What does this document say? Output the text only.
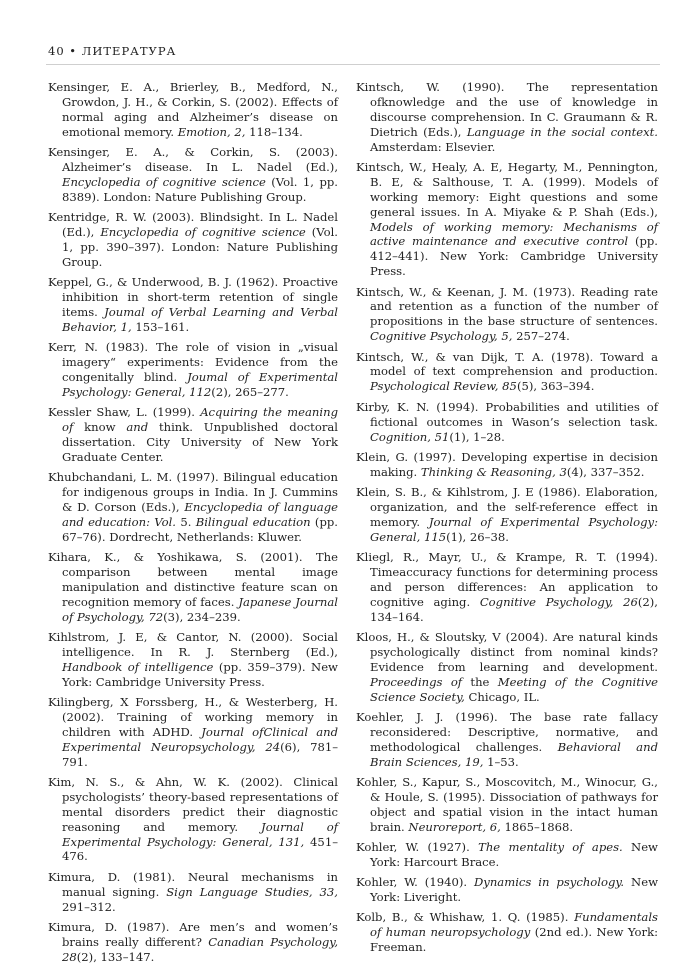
40 • ЛИТЕРАТУРА

Kensinger, E. A., Brierley, B., Medford, N., Growdon, J. H., & Corkin, S. (2002). Effects of normal aging and Alzheimer’s disease on emotional memory. Emotion, 2, 118–134.

Kensinger, E. A., & Corkin, S. (2003). Alzheimer’s disease. In L. Nadel (Ed.), Encyclopedia of cognitive science (Vol. 1, pp. 8389). London: Nature Publishing Group.

Kentridge, R. W. (2003). Blindsight. In L. Nadel (Ed.), Encyclopedia of cognitive science (Vol. 1, pp. 390–397). London: Nature Publishing Group.

Keppel, G., & Underwood, B. J. (1962). Proactive inhibition in short-term retention of single items. Joumal of Verbal Learning and Verbal Behavior, 1, 153–161.

Kerr, N. (1983). The role of vision in „visual imagery“ experiments: Evidence from the congenitally blind. Joumal of Experimental Psychology: General, 112(2), 265–277.

Kessler Shaw, L. (1999). Acquiring the meaning of know and think. Unpublished doctoral dissertation. City University of New York Graduate Center.

Khubchandani, L. M. (1997). Bilingual education for indigenous groups in India. In J. Cummins & D. Corson (Eds.), Encyclopedia of language and education: Vol. 5. Bilingual education (pp. 67–76). Dordrecht, Netherlands: Kluwer.

Kihara, K., & Yoshikawa, S. (2001). The comparison between mental image manipulation and distinctive feature scan on recognition memory of faces. Japanese Journal of Psychology, 72(3), 234–239.

Kihlstrom, J. E, & Cantor, N. (2000). Social intelligence. In R. J. Sternberg (Ed.), Handbook of intelligence (pp. 359–379). New York: Cambridge University Press.

Kilingberg, X Forssberg, H., & Westerberg, H. (2002). Training of working memory in children with ADHD. Journal ofClinical and Experimental Neuropsychology, 24(6), 781–791.

Kim, N. S., & Ahn, W. K. (2002). Clinical psychologists’ theory-based representations of mental disorders predict their diagnostic reasoning and memory. Journal of Experimental Psychology: General, 131, 451–476.

Kimura, D. (1981). Neural mechanisms in manual signing. Sign Language Studies, 33, 291–312.

Kimura, D. (1987). Are men’s and women’s brains really different? Canadian Psychology, 28(2), 133–147.

Kintsch, W. (1990). The representation ofknowledge and the use of knowledge in discourse comprehension. In C. Graumann & R. Dietrich (Eds.), Language in the social context. Amsterdam: Elsevier.

Kintsch, W., Healy, A. E, Hegarty, M., Pennington, B. E, & Salthouse, T. A. (1999). Models of working memory: Eight questions and some general issues. In A. Miyake & P. Shah (Eds.), Models of working memory: Mechanisms of active maintenance and executive control (pp. 412–441). New York: Cambridge University Press.

Kintsch, W., & Keenan, J. M. (1973). Reading rate and retention as a function of the number of propositions in the base structure of sentences. Cognitive Psychology, 5, 257–274.

Kintsch, W., & van Dijk, T. A. (1978). Toward a model of text comprehension and production. Psychological Review, 85(5), 363–394.

Kirby, K. N. (1994). Probabilities and utilities of fictional outcomes in Wason’s selection task. Cognition, 51(1), 1–28.

Klein, G. (1997). Developing expertise in decision making. Thinking & Reasoning, 3(4), 337–352.

Klein, S. B., & Kihlstrom, J. E (1986). Elaboration, organization, and the self-reference effect in memory. Journal of Experimental Psychology: General, 115(1), 26–38.

Kliegl, R., Mayr, U., & Krampe, R. T. (1994). Timeaccuracy functions for determining process and person differences: An application to cognitive aging. Cognitive Psychology, 26(2), 134–164.

Kloos, H., & Sloutsky, V (2004). Are natural kinds psychologically distinct from nominal kinds? Evidence from learning and development. Proceedings of the Meeting of the Cognitive Science Society, Chicago, IL.

Koehler, J. J. (1996). The base rate fallacy reconsidered: Descriptive, normative, and methodological challenges. Behavioral and Brain Sciences, 19, 1–53.

Kohler, S., Kapur, S., Moscovitch, M., Winocur, G., & Houle, S. (1995). Dissociation of pathways for object and spatial vision in the intact human brain. Neuroreport, 6, 1865–1868.

Kohler, W. (1927). The mentality of apes. New York: Harcourt Brace.

Kohler, W. (1940). Dynamics in psychology. New York: Liveright.

Kolb, B., & Whishaw, 1. Q. (1985). Fundamentals of human neuropsychology (2nd ed.). New York: Freeman.
